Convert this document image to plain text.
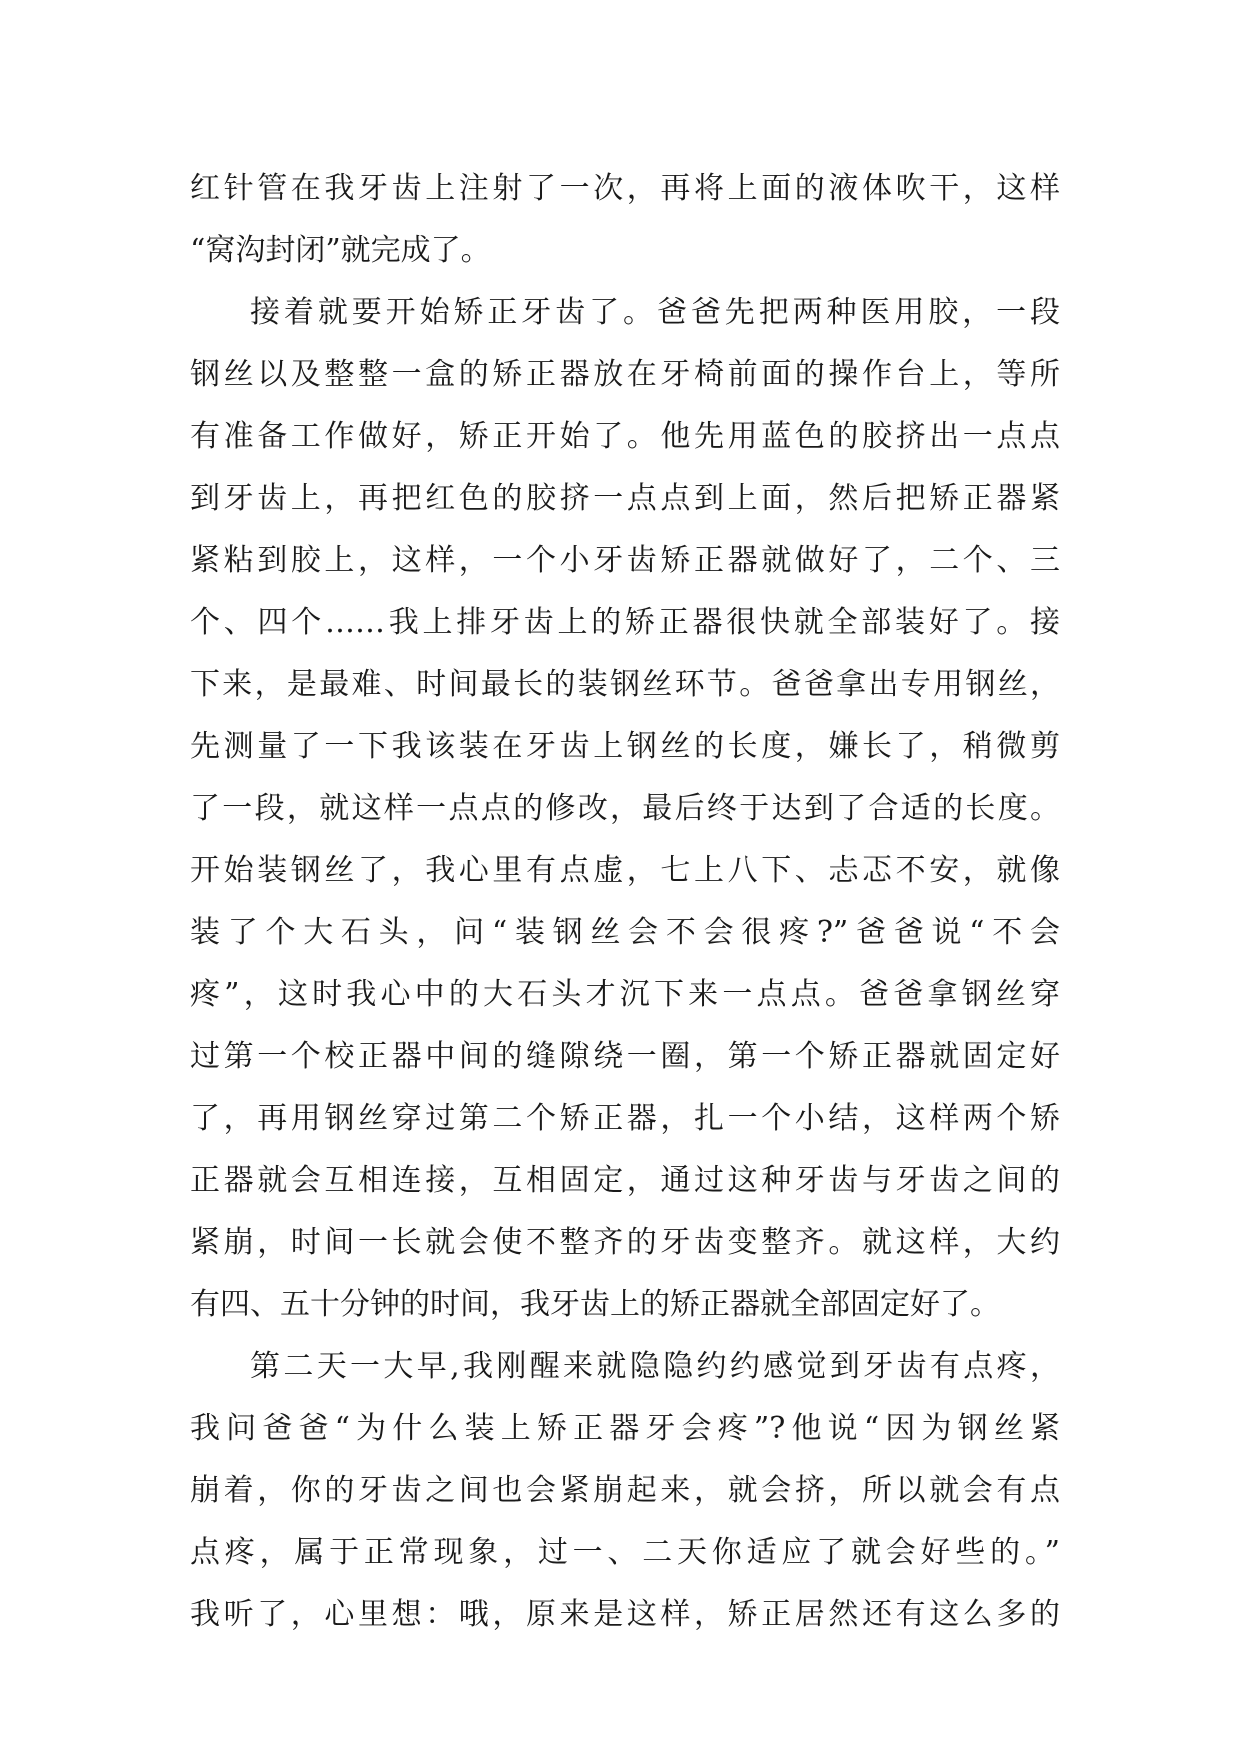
红针管在我牙齿上注射了一次，再将上面的液体吹干，这样
“窝沟封闭”就完成了。
接着就要开始矫正牙齿了。爸爸先把两种医用胶，一段
钢丝以及整整一盒的矫正器放在牙椅前面的操作台上，等所
有准备工作做好，矫正开始了。他先用蓝色的胶挤出一点点
到牙齿上，再把红色的胶挤一点点到上面，然后把矫正器紧
紧粘到胶上，这样，一个小牙齿矫正器就做好了，二个、三
个、四个……我上排牙齿上的矫正器很快就全部装好了。接
下来，是最难、时间最长的装钢丝环节。爸爸拿出专用钢丝，
先测量了一下我该装在牙齿上钢丝的长度，嫌长了，稍微剪
了一段，就这样一点点的修改，最后终于达到了合适的长度。
开始装钢丝了，我心里有点虚，七上八下、忐忑不安，就像
装了个大石头，问“装钢丝会不会很疼?”爸爸说“不会
疼”，这时我心中的大石头才沉下来一点点。爸爸拿钢丝穿
过第一个校正器中间的缝隙绕一圈，第一个矫正器就固定好
了，再用钢丝穿过第二个矫正器，扎一个小结，这样两个矫
正器就会互相连接，互相固定，通过这种牙齿与牙齿之间的
紧崩，时间一长就会使不整齐的牙齿变整齐。就这样，大约
有四、五十分钟的时间，我牙齿上的矫正器就全部固定好了。
第二天一大早,我刚醒来就隐隐约约感觉到牙齿有点疼，
我问爸爸“为什么装上矫正器牙会疼”?他说“因为钢丝紧
崩着，你的牙齿之间也会紧崩起来，就会挤，所以就会有点
点疼，属于正常现象，过一、二天你适应了就会好些的。”
我听了，心里想：哦，原来是这样，矫正居然还有这么多的
